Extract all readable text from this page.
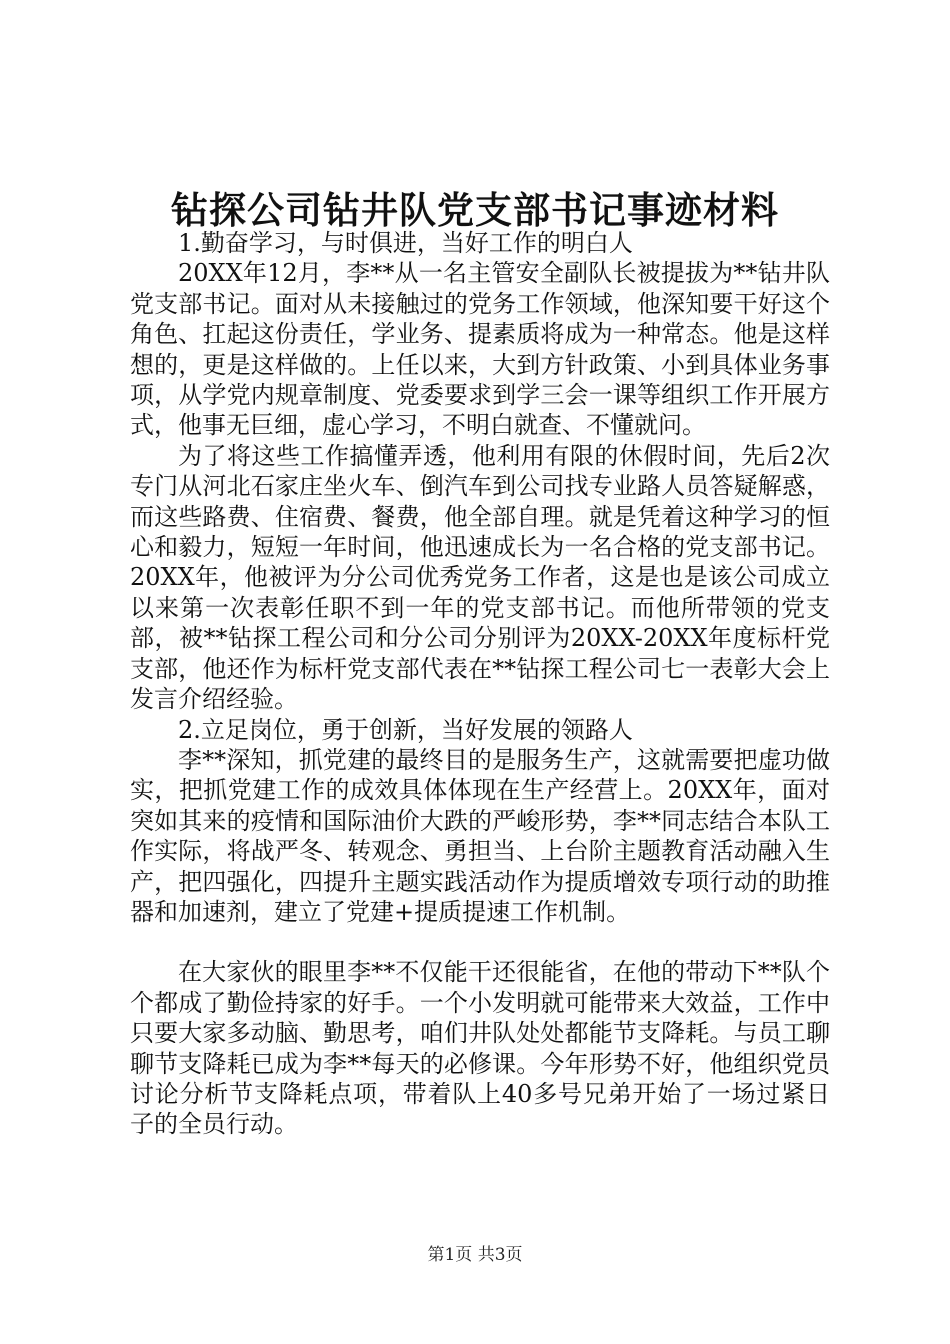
钻探公司钻井队党支部书记事迹材料

1.勤奋学习，与时俱进，当好工作的明白人

20XX年12月，李**从一名主管安全副队长被提拔为**钻井队党支部书记。面对从未接触过的党务工作领域，他深知要干好这个角色、扛起这份责任，学业务、提素质将成为一种常态。他是这样想的，更是这样做的。上任以来，大到方针政策、小到具体业务事项，从学党内规章制度、党委要求到学三会一课等组织工作开展方式，他事无巨细，虚心学习，不明白就查、不懂就问。

为了将这些工作搞懂弄透，他利用有限的休假时间，先后2次专门从河北石家庄坐火车、倒汽车到公司找专业路人员答疑解惑，而这些路费、住宿费、餐费，他全部自理。就是凭着这种学习的恒心和毅力，短短一年时间，他迅速成长为一名合格的党支部书记。20XX年，他被评为分公司优秀党务工作者，这是也是该公司成立以来第一次表彰任职不到一年的党支部书记。而他所带领的党支部，被**钻探工程公司和分公司分别评为20XX-20XX年度标杆党支部，他还作为标杆党支部代表在**钻探工程公司七一表彰大会上发言介绍经验。

2.立足岗位，勇于创新，当好发展的领路人

李**深知，抓党建的最终目的是服务生产，这就需要把虚功做实，把抓党建工作的成效具体体现在生产经营上。20XX年，面对突如其来的疫情和国际油价大跌的严峻形势，李**同志结合本队工作实际，将战严冬、转观念、勇担当、上台阶主题教育活动融入生产，把四强化，四提升主题实践活动作为提质增效专项行动的助推器和加速剂，建立了党建+提质提速工作机制。

在大家伙的眼里李**不仅能干还很能省，在他的带动下**队个个都成了勤俭持家的好手。一个小发明就可能带来大效益，工作中只要大家多动脑、勤思考，咱们井队处处都能节支降耗。与员工聊聊节支降耗已成为李**每天的必修课。今年形势不好，他组织党员讨论分析节支降耗点项，带着队上40多号兄弟开始了一场过紧日子的全员行动。

第1页 共3页
